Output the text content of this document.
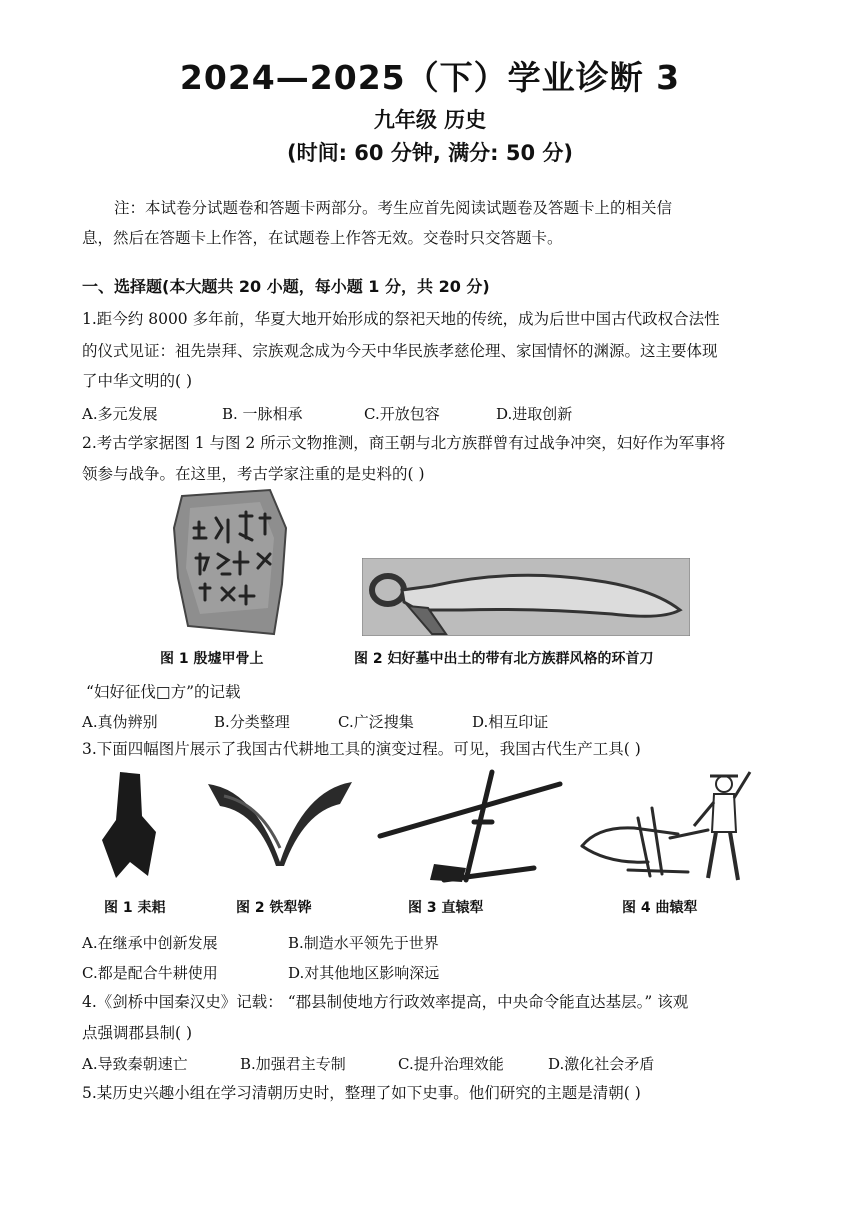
2024—2025（下）学业诊断 3
九年级 历史
(时间: 60 分钟, 满分: 50 分)
注：本试卷分试题卷和答题卡两部分。考生应首先阅读试题卷及答题卡上的相关信
息，然后在答题卡上作答，在试题卷上作答无效。交卷时只交答题卡。
一、选择题(本大题共 20 小题，每小题 1 分，共 20 分)
1.距今约 8000 多年前，华夏大地开始形成的祭祀天地的传统，成为后世中国古代政权合法性
的仪式见证：祖先崇拜、宗族观念成为今天中华民族孝慈伦理、家国情怀的渊源。这主要体现
了中华文明的( )
A.多元发展	B. 一脉相承	C.开放包容	D.进取创新
2.考古学家据图 1 与图 2 所示文物推测，商王朝与北方族群曾有过战争冲突，妇好作为军事将
领参与战争。在这里，考古学家注重的是史料的( )
图 1 殷墟甲骨上	图 2 妇好墓中出土的带有北方族群风格的环首刀
“妇好征伐□方”的记载
A.真伪辨别	B.分类整理	C.广泛搜集	D.相互印证
3.下面四幅图片展示了我国古代耕地工具的演变过程。可见，我国古代生产工具( )
图 1 耒耜	图 2 铁犁铧	图 3 直辕犁	图 4 曲辕犁
A.在继承中创新发展	B.制造水平领先于世界
C.都是配合牛耕使用	D.对其他地区影响深远
4.《剑桥中国秦汉史》记载： “郡县制使地方行政效率提高，中央命令能直达基层。” 该观
点强调郡县制( )
A.导致秦朝速亡	B.加强君主专制	C.提升治理效能	D.激化社会矛盾
5.某历史兴趣小组在学习清朝历史时，整理了如下史事。他们研究的主题是清朝( )
